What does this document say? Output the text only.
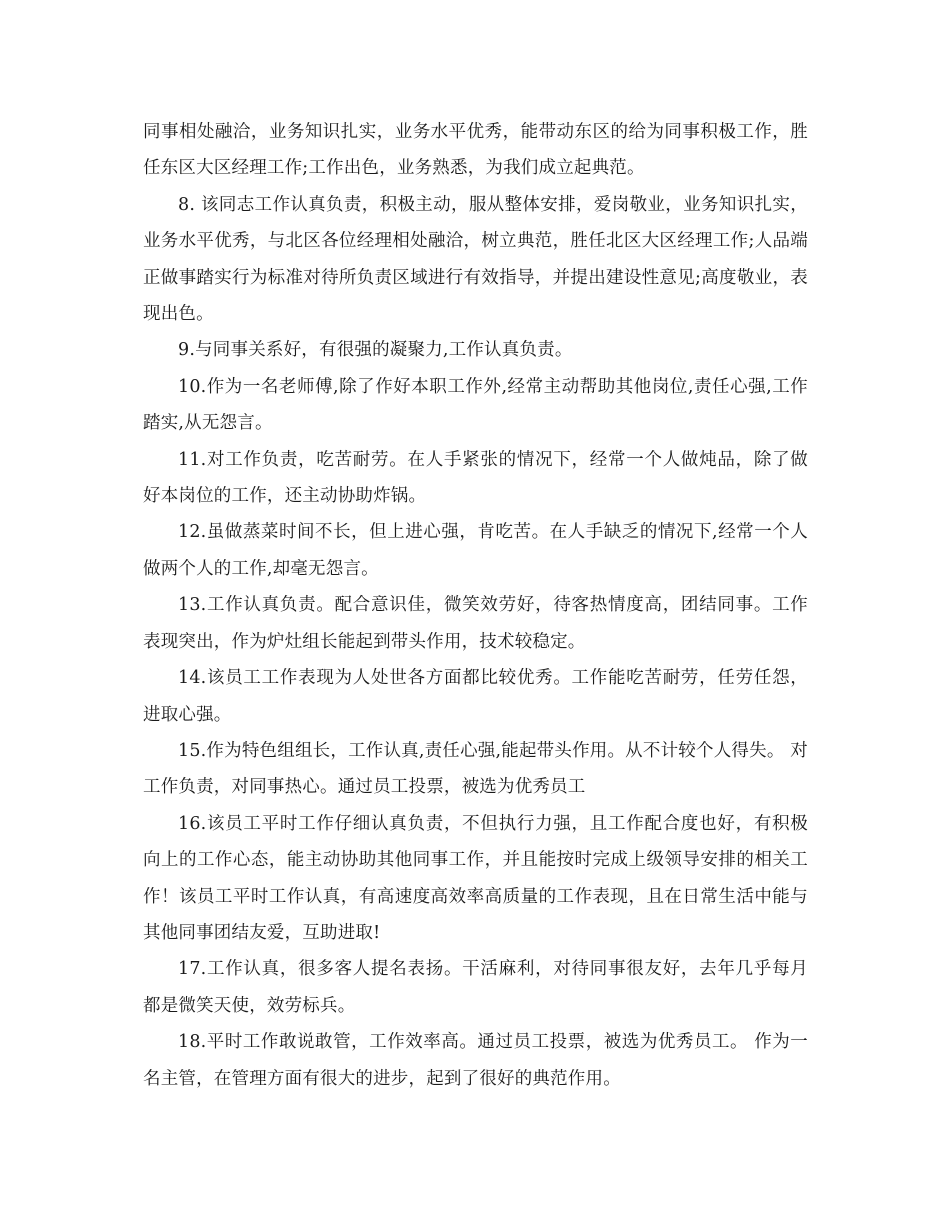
同事相处融洽，业务知识扎实，业务水平优秀，能带动东区的给为同事积极工作，胜任东区大区经理工作;工作出色，业务熟悉，为我们成立起典范。

8. 该同志工作认真负责，积极主动，服从整体安排，爱岗敬业，业务知识扎实，业务水平优秀，与北区各位经理相处融洽，树立典范，胜任北区大区经理工作;人品端正做事踏实行为标准对待所负责区域进行有效指导，并提出建设性意见;高度敬业，表现出色。

9.与同事关系好，有很强的凝聚力,工作认真负责。

10.作为一名老师傅,除了作好本职工作外,经常主动帮助其他岗位,责任心强,工作踏实,从无怨言。

11.对工作负责，吃苦耐劳。在人手紧张的情况下，经常一个人做炖品，除了做好本岗位的工作，还主动协助炸锅。

12.虽做蒸菜时间不长，但上进心强，肯吃苦。在人手缺乏的情况下,经常一个人做两个人的工作,却毫无怨言。

13.工作认真负责。配合意识佳，微笑效劳好，待客热情度高，团结同事。工作表现突出，作为炉灶组长能起到带头作用，技术较稳定。

14.该员工工作表现为人处世各方面都比较优秀。工作能吃苦耐劳，任劳任怨，进取心强。

15.作为特色组组长，工作认真,责任心强,能起带头作用。从不计较个人得失。 对工作负责，对同事热心。通过员工投票，被选为优秀员工

16.该员工平时工作仔细认真负责，不但执行力强，且工作配合度也好，有积极向上的工作心态，能主动协助其他同事工作，并且能按时完成上级领导安排的相关工作！该员工平时工作认真，有高速度高效率高质量的工作表现，且在日常生活中能与其他同事团结友爱，互助进取!

17.工作认真，很多客人提名表扬。干活麻利，对待同事很友好，去年几乎每月都是微笑天使，效劳标兵。

18.平时工作敢说敢管，工作效率高。通过员工投票，被选为优秀员工。 作为一名主管，在管理方面有很大的进步，起到了很好的典范作用。
